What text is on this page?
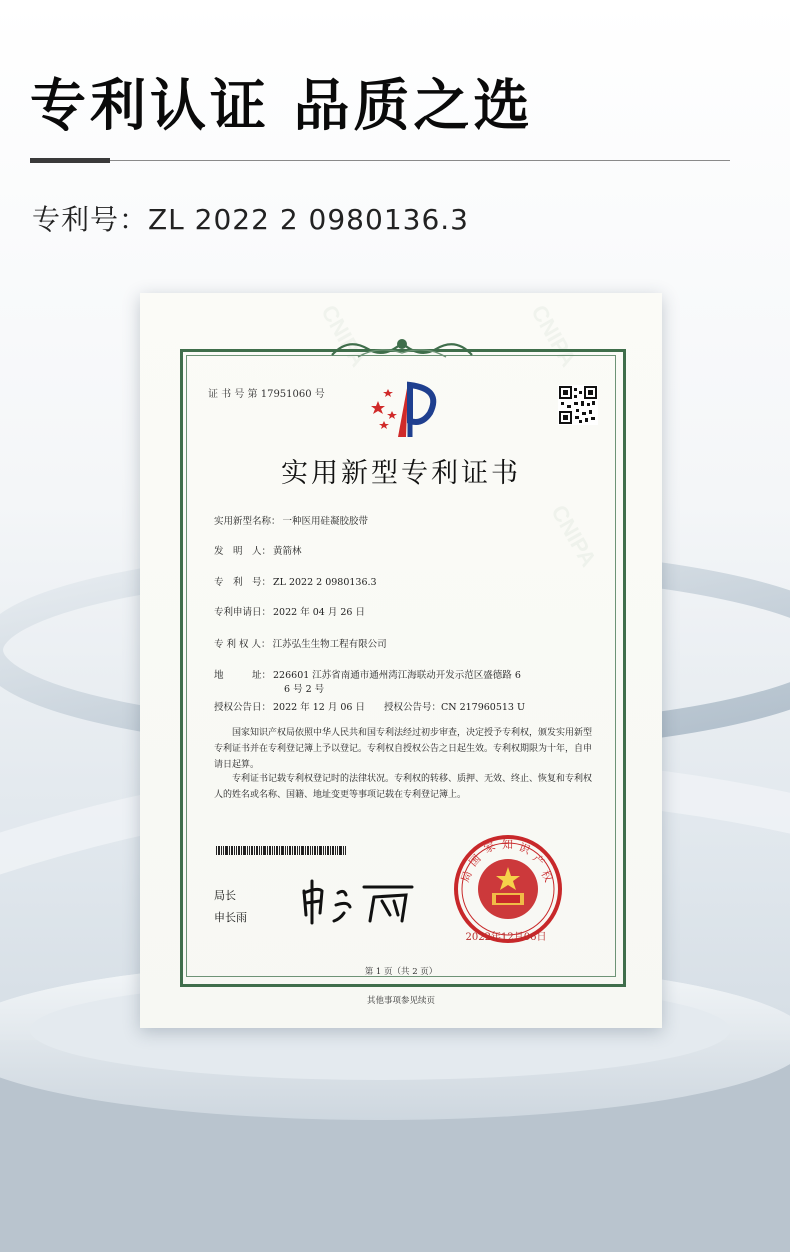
专利认证 品质之选
专利号：ZL 2022 2 0980136.3
CNIPA
CNIPA
CNIPA
证 书 号 第 17951060 号
实用新型专利证书
实用新型名称： 一种医用硅凝胶胶带
发　明　人： 黄箭林
专　利　号： ZL 2022 2 0980136.3
专利申请日： 2022 年 04 月 26 日
专 利 权 人： 江苏弘生生物工程有限公司
地　　　址： 226601 江苏省南通市通州湾江海联动开发示范区盛德路 6
6 号 2 号
授权公告日： 2022 年 12 月 06 日　　授权公告号：CN 217960513 U
国家知识产权局依照中华人民共和国专利法经过初步审查，决定授予专利权，颁发实用新型专利证书并在专利登记簿上予以登记。专利权自授权公告之日起生效。专利权期限为十年，自申请日起算。
专利证书记载专利权登记时的法律状况。专利权的转移、质押、无效、终止、恢复和专利权人的姓名或名称、国籍、地址变更等事项记载在专利登记簿上。
局长
申长雨
国
家 知 识
产
权
局
2022年12月06日
第 1 页（共 2 页）
其他事项参见续页
